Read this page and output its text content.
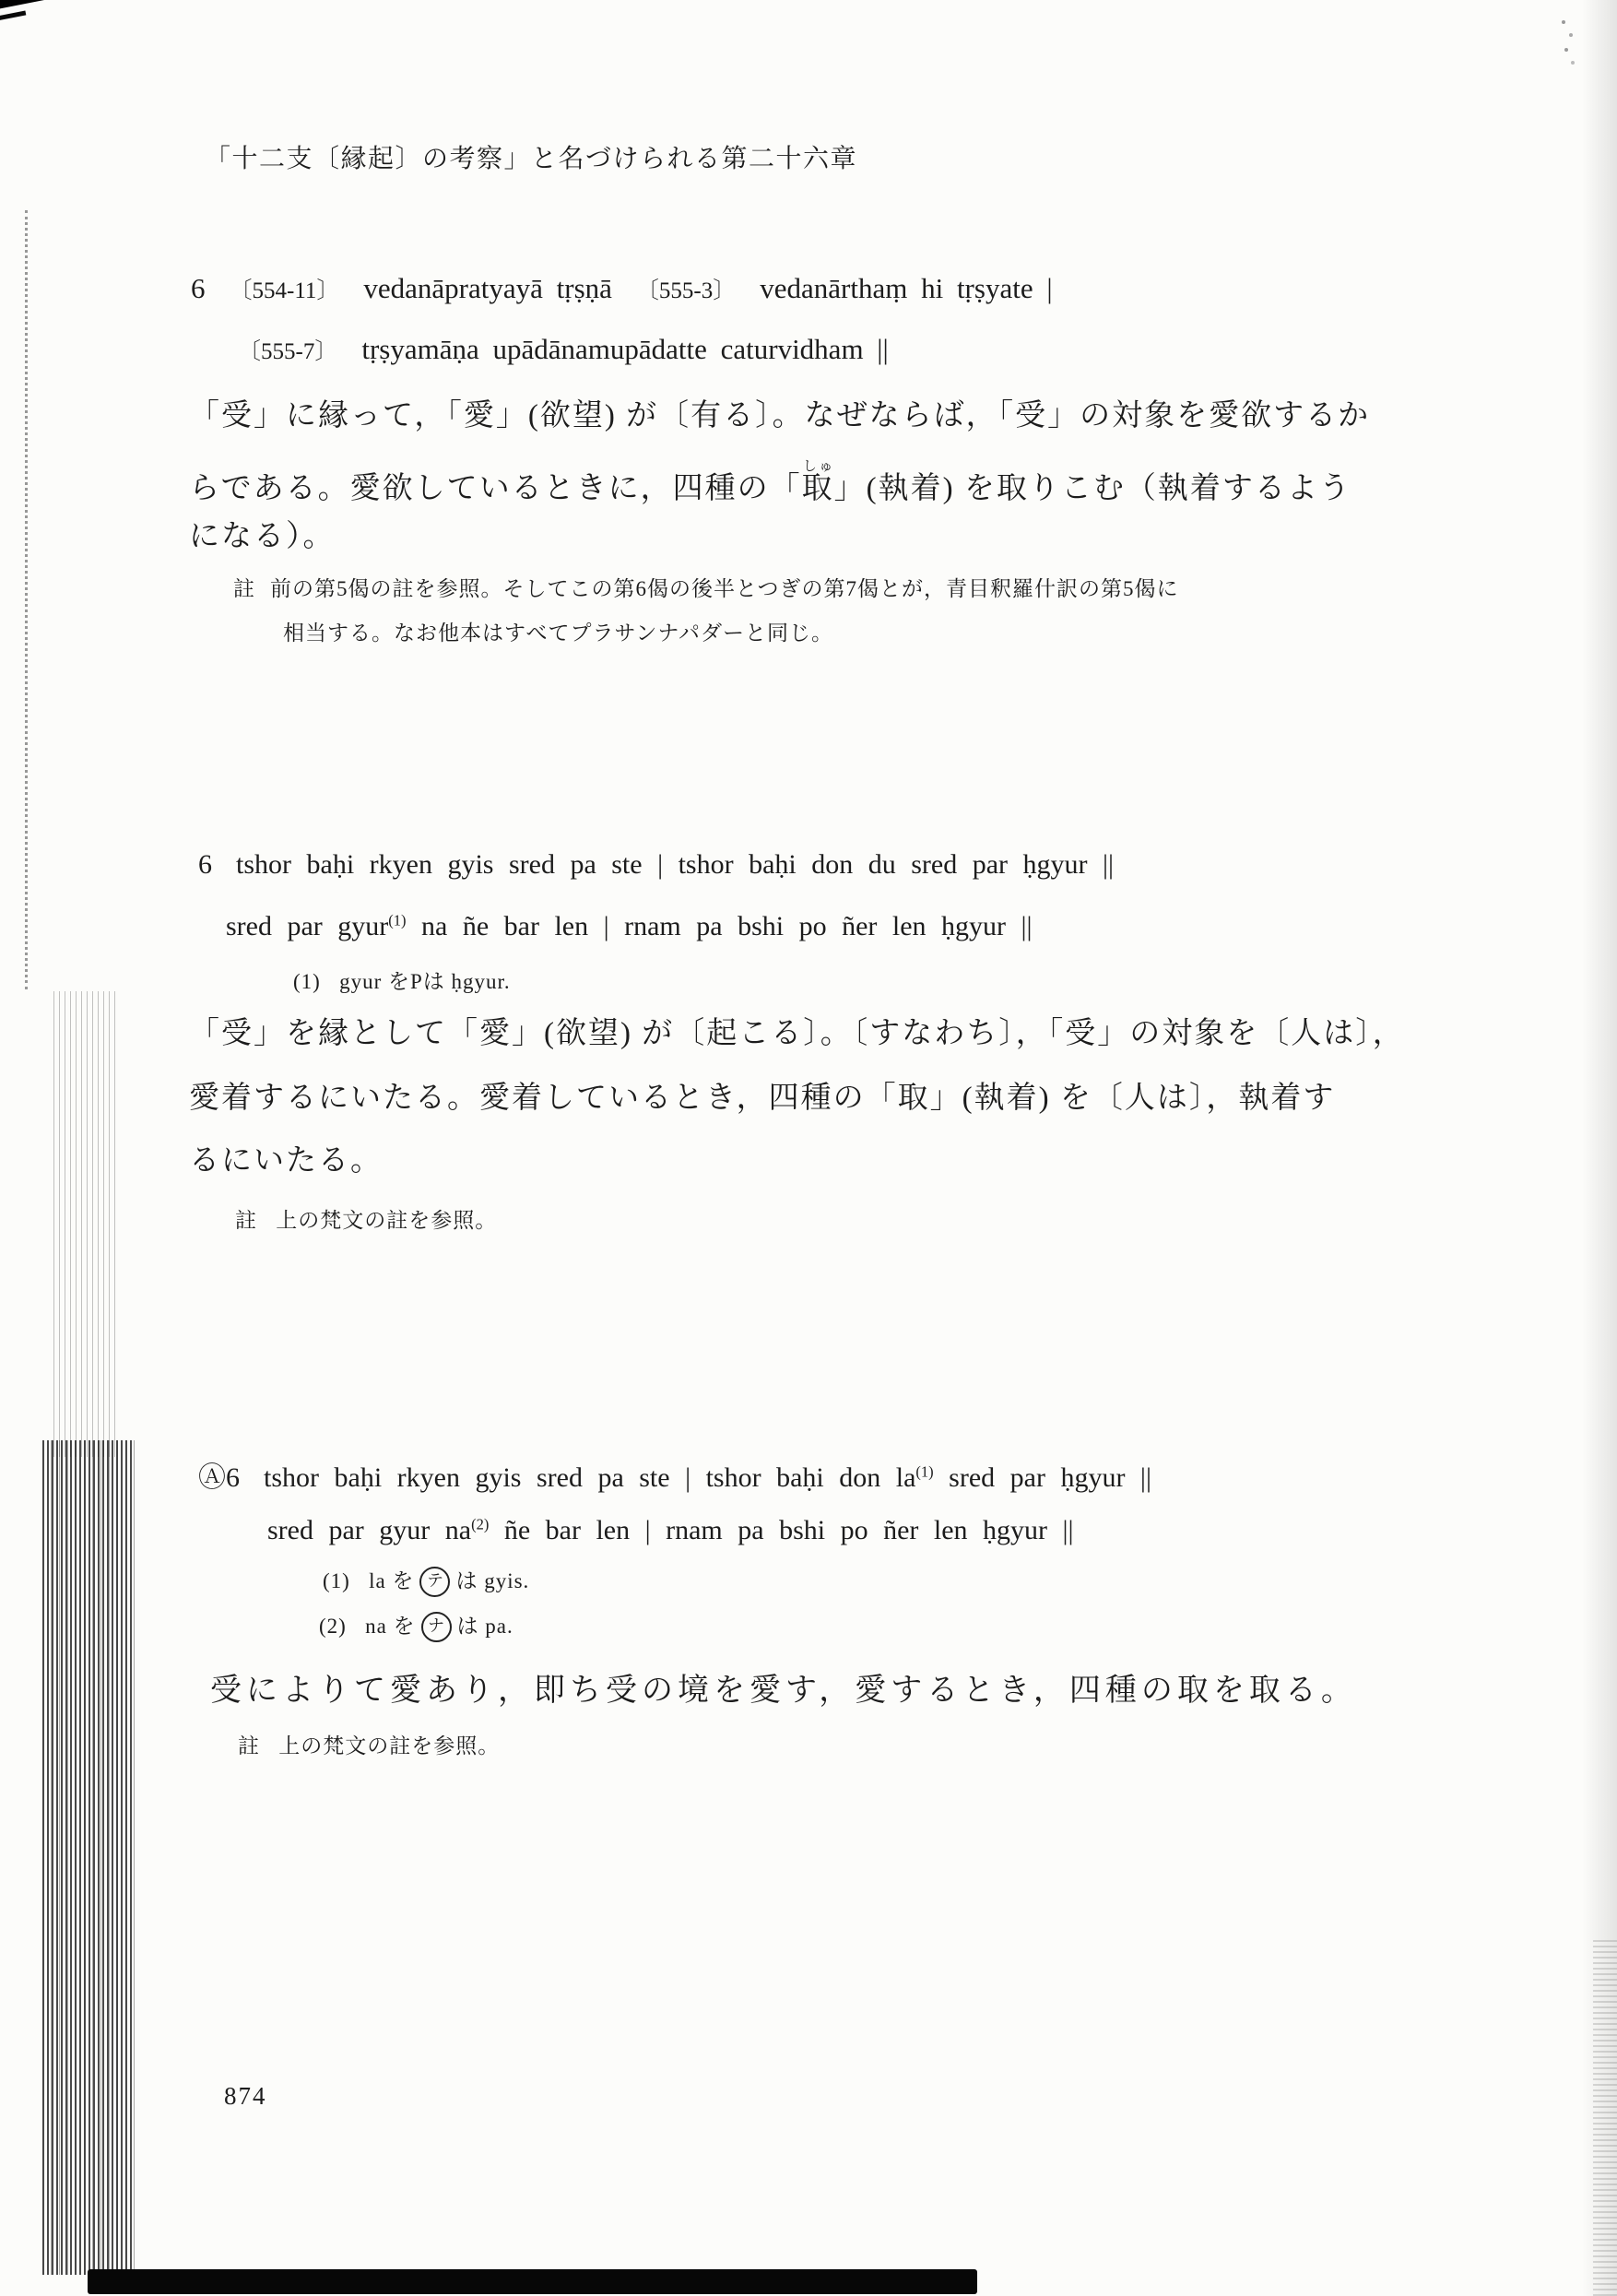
「十二支〔縁起〕の考察」と名づけられる第二十六章
6 〔554-11〕 vedanāpratyayā tṛṣṇā 〔555-3〕 vedanārthaṃ hi tṛṣyate |
〔555-7〕 tṛṣyamāṇa upādānamupādatte caturvidham ||
「受」に縁って，「愛」(欲望) が〔有る〕。なぜならば，「受」の対象を愛欲するか
らである。愛欲しているときに，四種の「取しゅ」(執着) を取りこむ（執着するよう
になる）。
註 前の第5偈の註を参照。そしてこの第6偈の後半とつぎの第7偈とが，青目釈羅什訳の第5偈に
相当する。なお他本はすべてプラサンナパダーと同じ。
6 tshor baḥi rkyen gyis sred pa ste | tshor baḥi don du sred par ḥgyur ||
sred par gyur$^{(1)}$ na ñe bar len | rnam pa bshi po ñer len ḥgyur ||
(1) gyur をPは ḥgyur.
「受」を縁として「愛」(欲望) が〔起こる〕。〔すなわち〕，「受」の対象を〔人は〕，
愛着するにいたる。愛着しているとき，四種の「取」(執着) を〔人は〕，執着す
るにいたる。
註 上の梵文の註を参照。
Ⓐ6 tshor baḥi rkyen gyis sred pa ste | tshor baḥi don la$^{(1)}$ sred par ḥgyur ||
sred par gyur na$^{(2)}$ ñe bar len | rnam pa bshi po ñer len ḥgyur ||
(1) la を テ は gyis.
(2) na を ナ は pa.
受によりて愛あり，即ち受の境を愛す，愛するとき，四種の取を取る。
註 上の梵文の註を参照。
874
